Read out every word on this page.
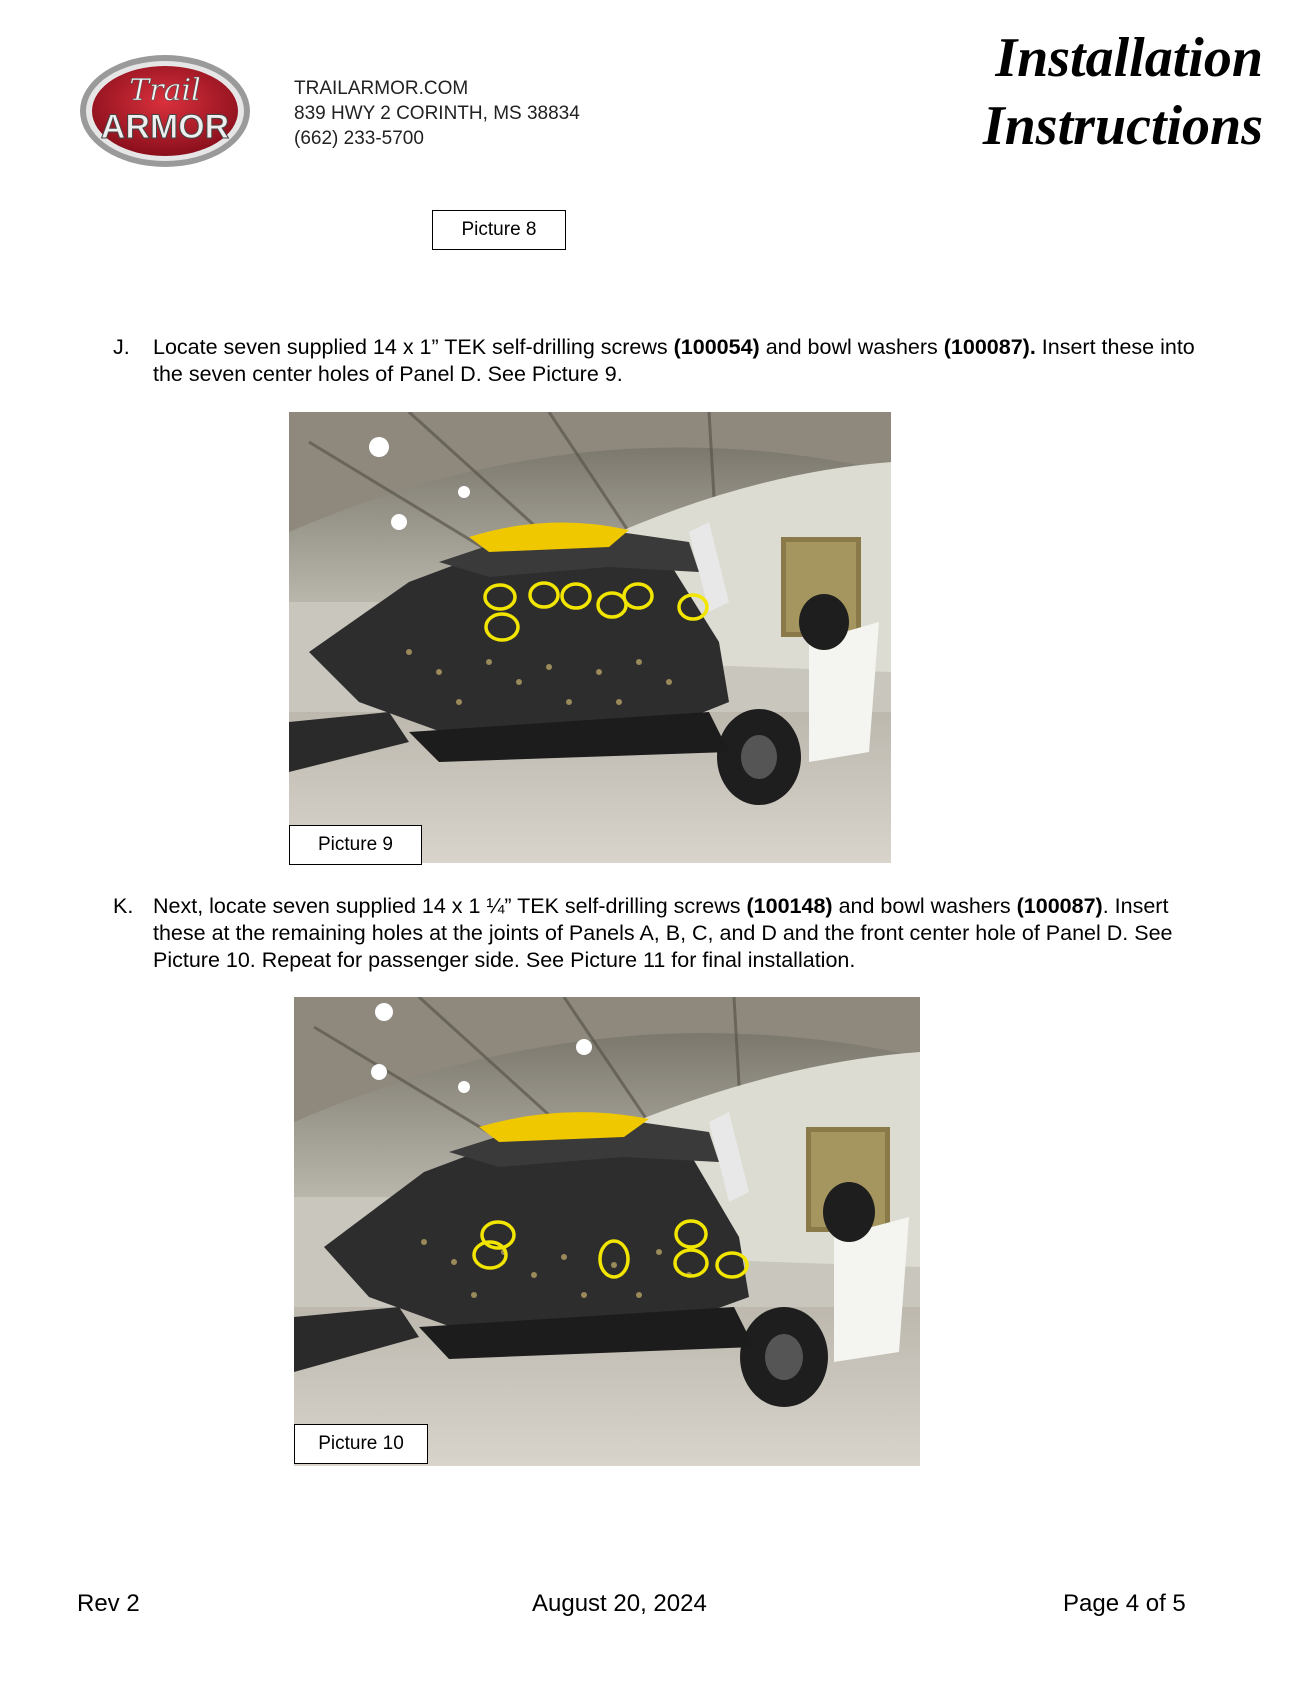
Trail
ARMOR
TRAILARMOR.COM
839 HWY 2 CORINTH, MS 38834
(662) 233-5700
Installation
Instructions
Picture 8
J. Locate seven supplied 14 x 1” TEK self-drilling screws (100054) and bowl washers (100087). Insert these into the seven center holes of Panel D. See Picture 9.
Picture 9
K. Next, locate seven supplied 14 x 1 ¼” TEK self-drilling screws (100148) and bowl washers (100087). Insert these at the remaining holes at the joints of Panels A, B, C, and D and the front center hole of Panel D. See Picture 10. Repeat for passenger side. See Picture 11 for final installation.
Picture 10
Rev 2	August 20, 2024	Page 4 of 5
